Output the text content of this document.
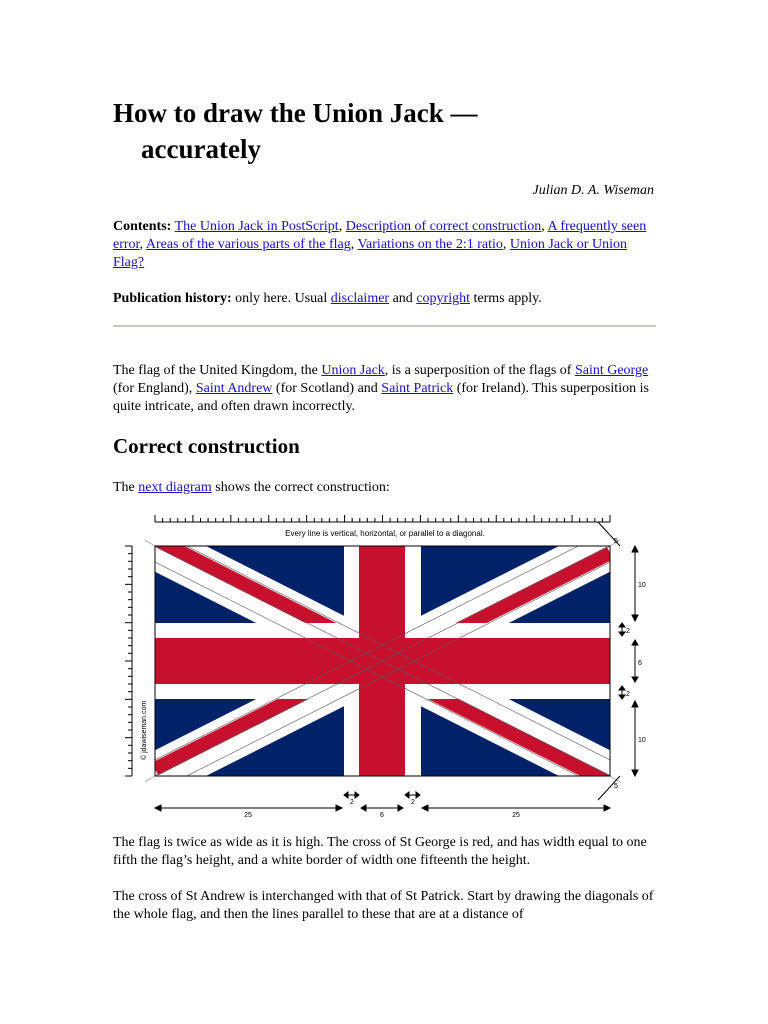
How to draw the Union Jack —
accurately
Julian D. A. Wiseman
Contents: The Union Jack in PostScript, Description of correct construction, A frequently seen error, Areas of the various parts of the flag, Variations on the 2:1 ratio, Union Jack or Union Flag?
Publication history: only here. Usual disclaimer and copyright terms apply.
The flag of the United Kingdom, the Union Jack, is a superposition of the flags of Saint George (for England), Saint Andrew (for Scotland) and Saint Patrick (for Ireland). This superposition is quite intricate, and often drawn incorrectly.
Correct construction
The next diagram shows the correct construction:
The flag is twice as wide as it is high. The cross of St George is red, and has width equal to one fifth the flag’s height, and a white border of width one fifteenth the height.
The cross of St Andrew is interchanged with that of St Patrick. Start by drawing the diagonals of the whole flag, and then the lines parallel to these that are at a distance of
Every line is vertical, horizontal, or parallel to a diagonal.
© jdawiseman.com
25
2
6
2
25
5
10
2
6
2
10
5
